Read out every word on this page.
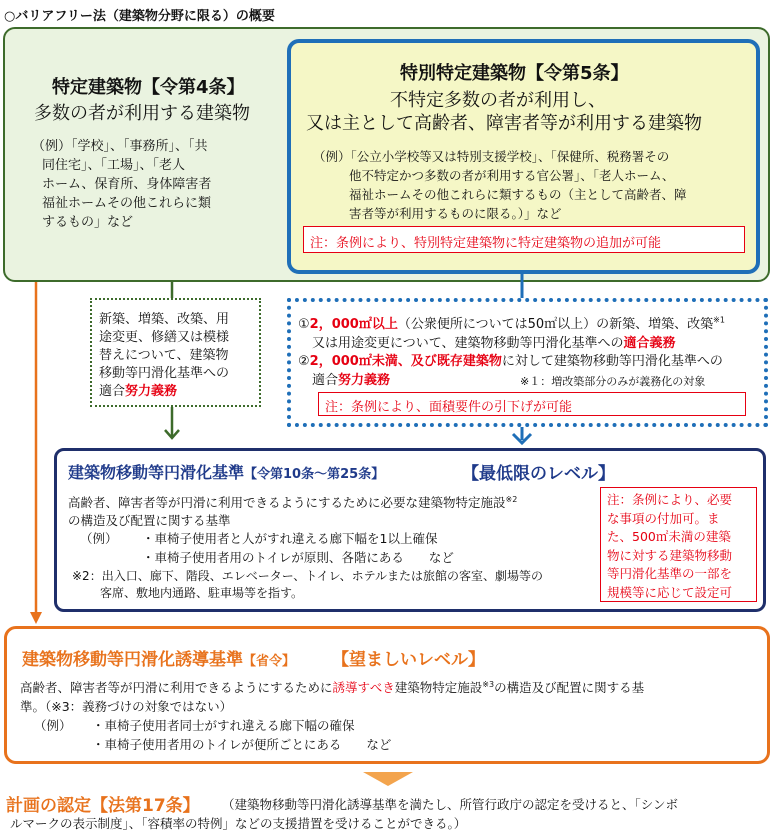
○バリアフリー法（建築物分野に限る）の概要
特定建築物【令第4条】
多数の者が利用する建築物
（例）「学校」、「事務所」、「共
同住宅」、「工場」、「老人
ホーム、保育所、身体障害者
福祉ホームその他これらに類
するもの」など
特別特定建築物【令第5条】
不特定多数の者が利用し、
又は主として高齢者、障害者等が利用する建築物
（例）「公立小学校等又は特別支援学校」、「保健所、税務署その
他不特定かつ多数の者が利用する官公署」、「老人ホーム、
福祉ホームその他これらに類するもの（主として高齢者、障
害者等が利用するものに限る。）」など
注：条例により、特別特定建築物に特定建築物の追加が可能
新築、増築、改築、用
途変更、修繕又は模様
替えについて、建築物
移動等円滑化基準への
適合努力義務
①2，000㎡以上（公衆便所については50㎡以上）の新築、増築、改築$^{※1}$
又は用途変更について、建築物移動等円滑化基準への適合義務
②2，000㎡未満、及び既存建築物に対して建築物移動等円滑化基準への
適合努力義務	※１：増改築部分のみが義務化の対象
注：条例により、面積要件の引下げが可能
建築物移動等円滑化基準【令第10条～第25条】	【最低限のレベル】
高齢者、障害者等が円滑に利用できるようにするために必要な建築物特定施設$^{※2}$
の構造及び配置に関する基準
（例） ・車椅子使用者と人がすれ違える廊下幅を1以上確保
・車椅子使用者用のトイレが原則、各階にある　　など
※2：出入口、廊下、階段、エレベーター、トイレ、ホテルまたは旅館の客室、劇場等の
客席、敷地内通路、駐車場等を指す。
注：条例により、必要
な事項の付加可。ま
た、500㎡未満の建築
物に対する建築物移動
等円滑化基準の一部を
規模等に応じて設定可
建築物移動等円滑化誘導基準【省令】 【望ましいレベル】
高齢者、障害者等が円滑に利用できるようにするために誘導すべき建築物特定施設$^{※3}$の構造及び配置に関する基
準。（※3：義務づけの対象ではない）
（例） ・車椅子使用者同士がすれ違える廊下幅の確保
・車椅子使用者用のトイレが便所ごとにある　　など
計画の認定【法第17条】 （建築物移動等円滑化誘導基準を満たし、所管行政庁の認定を受けると、「シンボ
ルマークの表示制度」、「容積率の特例」などの支援措置を受けることができる。）
